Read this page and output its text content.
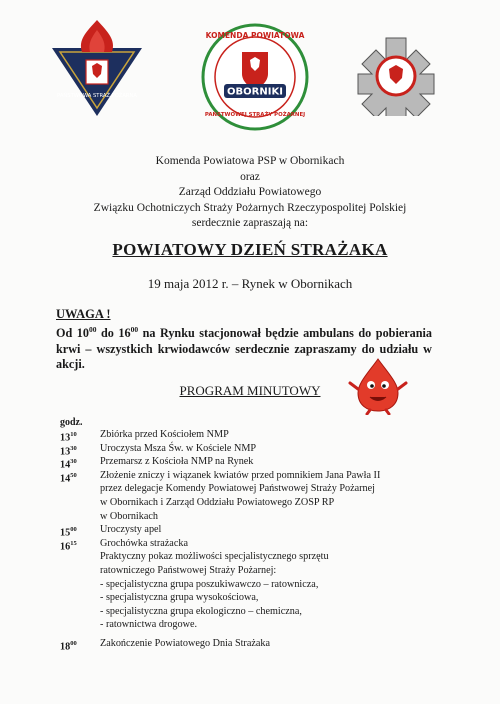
PAŃSTWOWA STRAŻ POŻARNA
KOMENDA POWIATOWA
OBORNIKI
PAŃSTWOWEJ STRAŻY POŻARNEJ
Komenda Powiatowa PSP w Obornikach
oraz
Zarząd Oddziału Powiatowego
Związku Ochotniczych Straży Pożarnych Rzeczypospolitej Polskiej
serdecznie zapraszają na:
POWIATOWY DZIEŃ STRAŻAKA
19 maja 2012 r. – Rynek w Obornikach
UWAGA !
Od $10^{00}$ do $16^{00}$ na Rynku stacjonował będzie ambulans do pobierania krwi – wszystkich krwiodawców serdecznie zapraszamy do udziału w akcji.
PROGRAM MINUTOWY
godz.
$13^{10}$ Zbiórka przed Kościołem NMP
$13^{30}$ Uroczysta Msza Św. w Kościele NMP
$14^{30}$ Przemarsz z Kościoła NMP na Rynek
$14^{50}$ Złożenie zniczy i wiązanek kwiatów przed pomnikiem Jana Pawła II
przez delegacje Komendy Powiatowej Państwowej Straży Pożarnej
w Obornikach i Zarząd Oddziału Powiatowego ZOSP RP
w Obornikach
$15^{00}$ Uroczysty apel
$16^{15}$ Grochówka strażacka
Praktyczny pokaz możliwości specjalistycznego sprzętu
ratowniczego Państwowej Straży Pożarnej:
- specjalistyczna grupa poszukiwawczo – ratownicza,
- specjalistyczna grupa wysokościowa,
- specjalistyczna grupa ekologiczno – chemiczna,
- ratownictwa drogowe.
$18^{00}$ Zakończenie Powiatowego Dnia Strażaka
